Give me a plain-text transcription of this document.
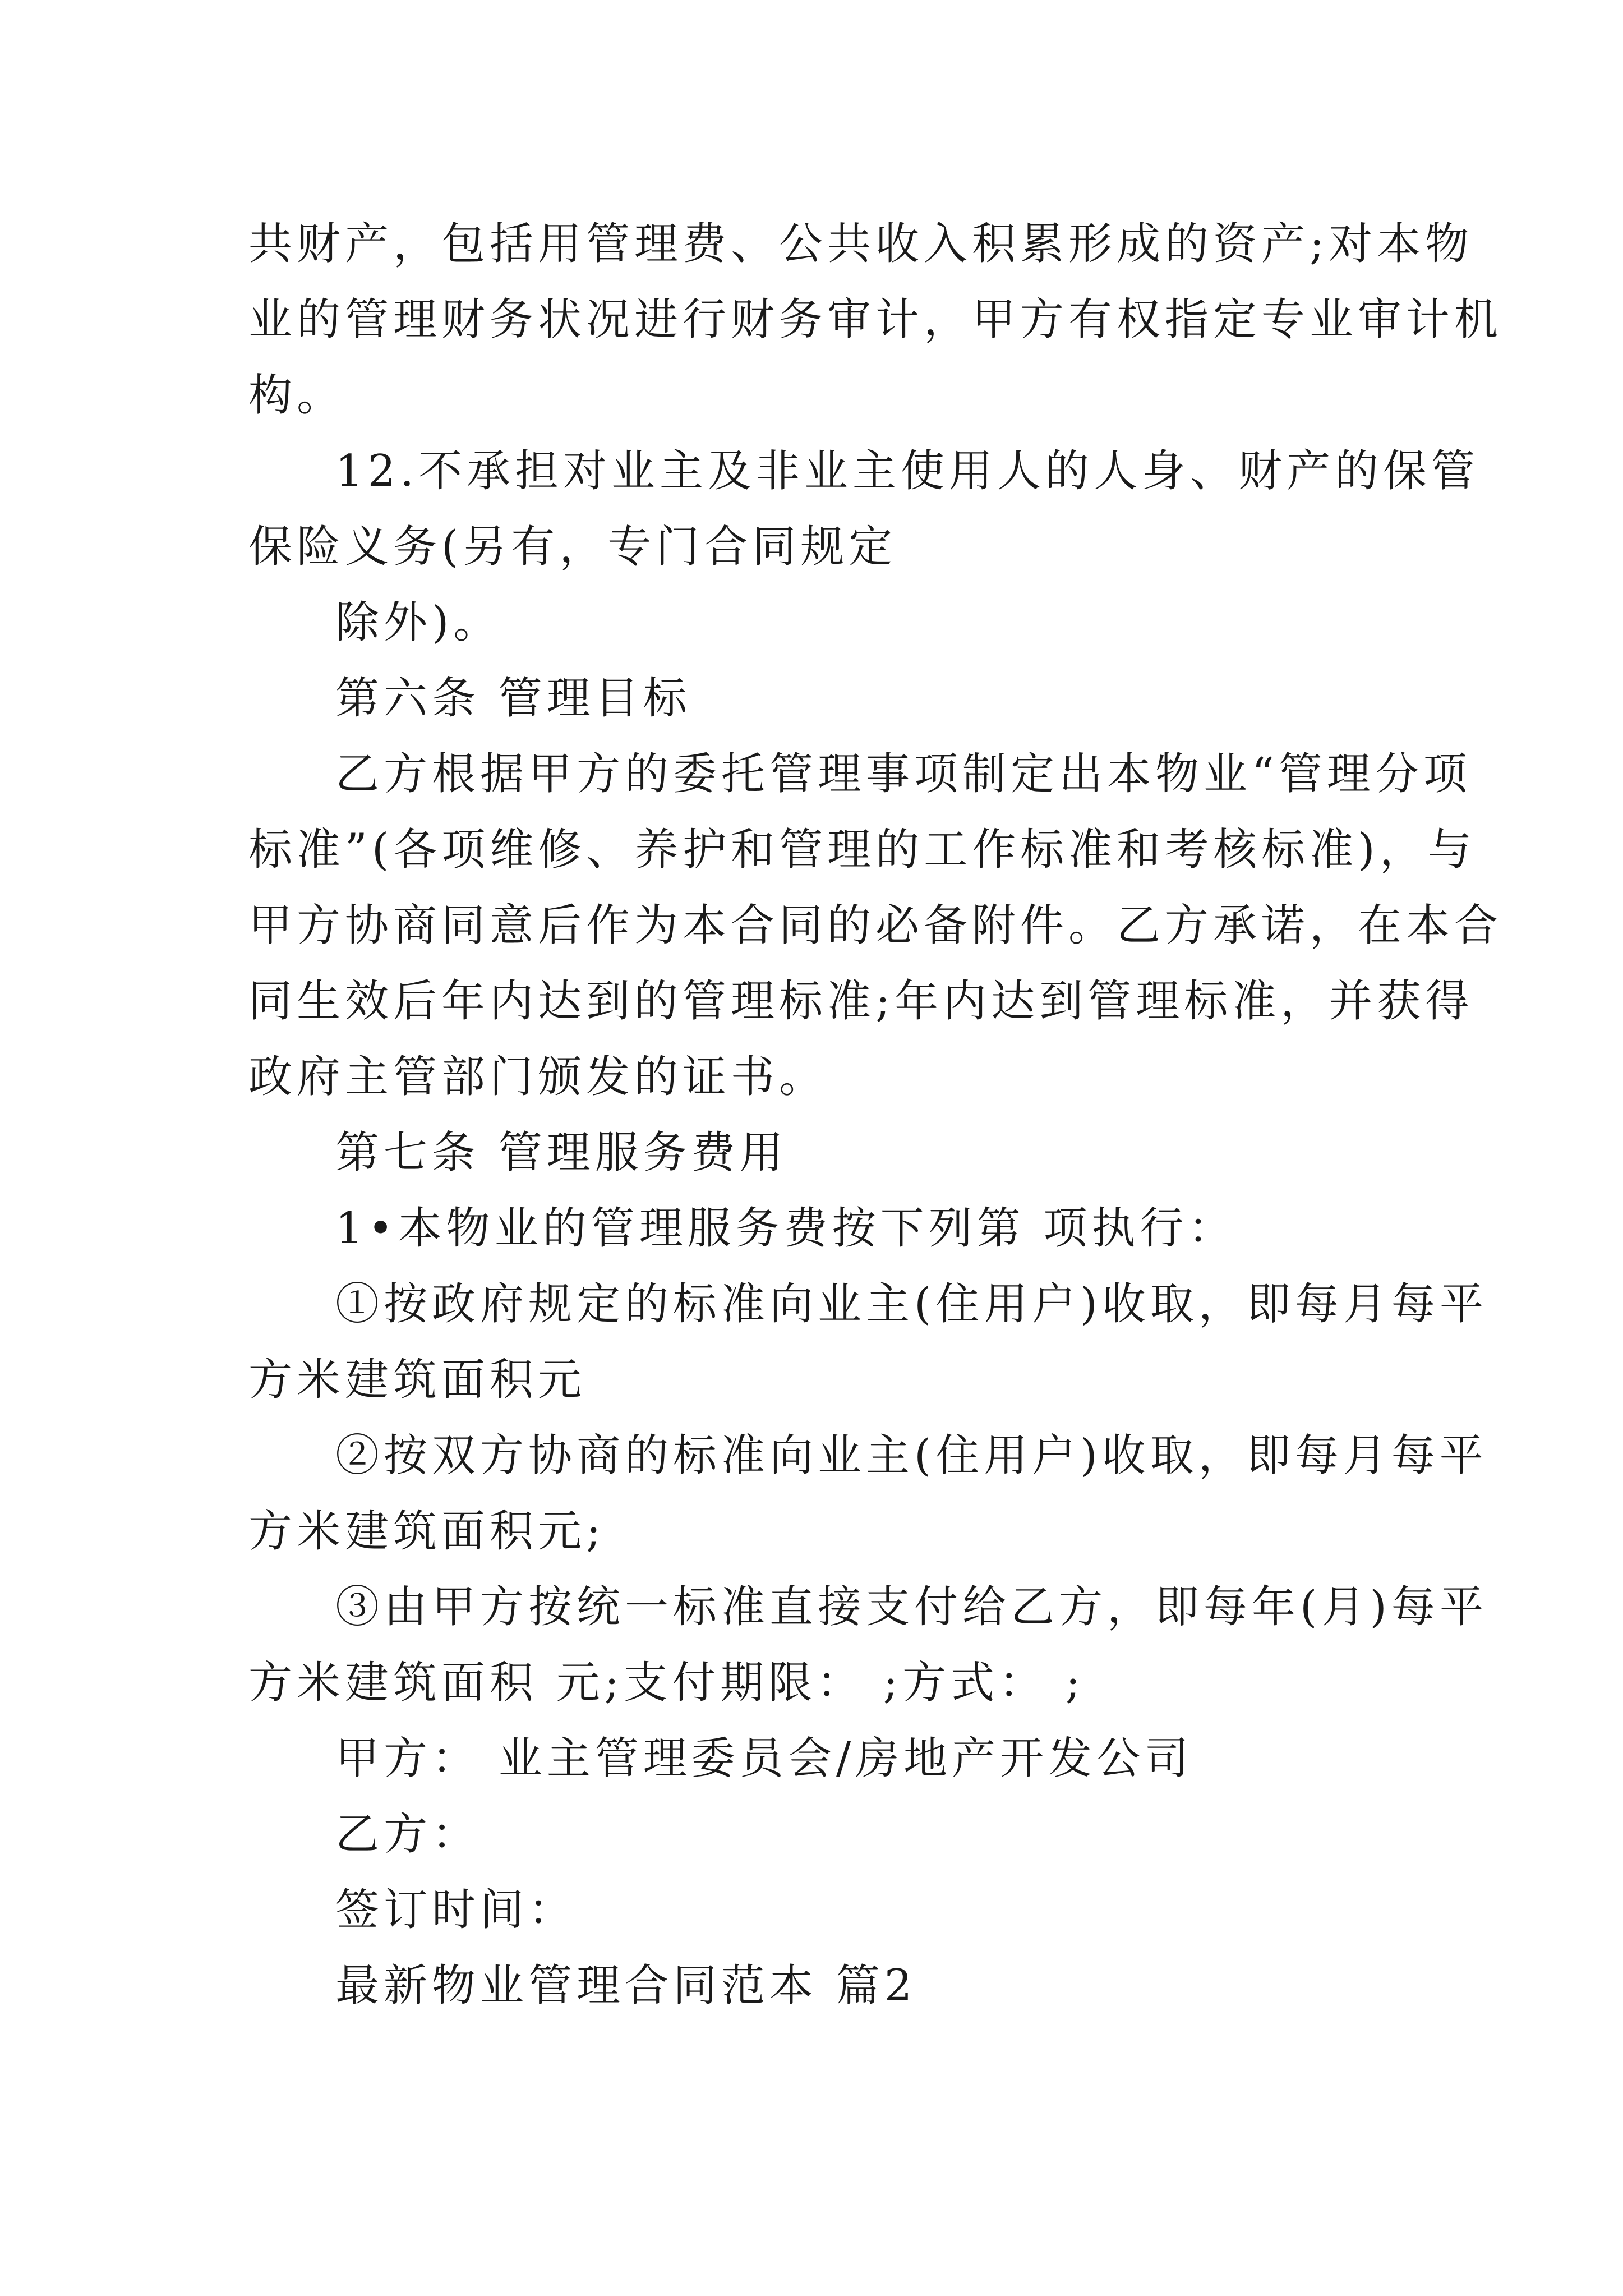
共财产，包括用管理费、公共收入积累形成的资产;对本物
业的管理财务状况进行财务审计，甲方有权指定专业审计机
构。
12.不承担对业主及非业主使用人的人身、财产的保管
保险义务(另有，专门合同规定
除外)。
第六条 管理目标
乙方根据甲方的委托管理事项制定出本物业“管理分项
标准”(各项维修、养护和管理的工作标准和考核标准)，与
甲方协商同意后作为本合同的必备附件。乙方承诺，在本合
同生效后年内达到的管理标准;年内达到管理标准，并获得
政府主管部门颁发的证书。
第七条 管理服务费用
1•本物业的管理服务费按下列第 项执行：
①按政府规定的标准向业主(住用户)收取，即每月每平
方米建筑面积元
②按双方协商的标准向业主(住用户)收取，即每月每平
方米建筑面积元;
③由甲方按统一标准直接支付给乙方，即每年(月)每平
方米建筑面积 元;支付期限： ;方式： ;
甲方： 业主管理委员会/房地产开发公司
乙方：
签订时间：
最新物业管理合同范本 篇2
